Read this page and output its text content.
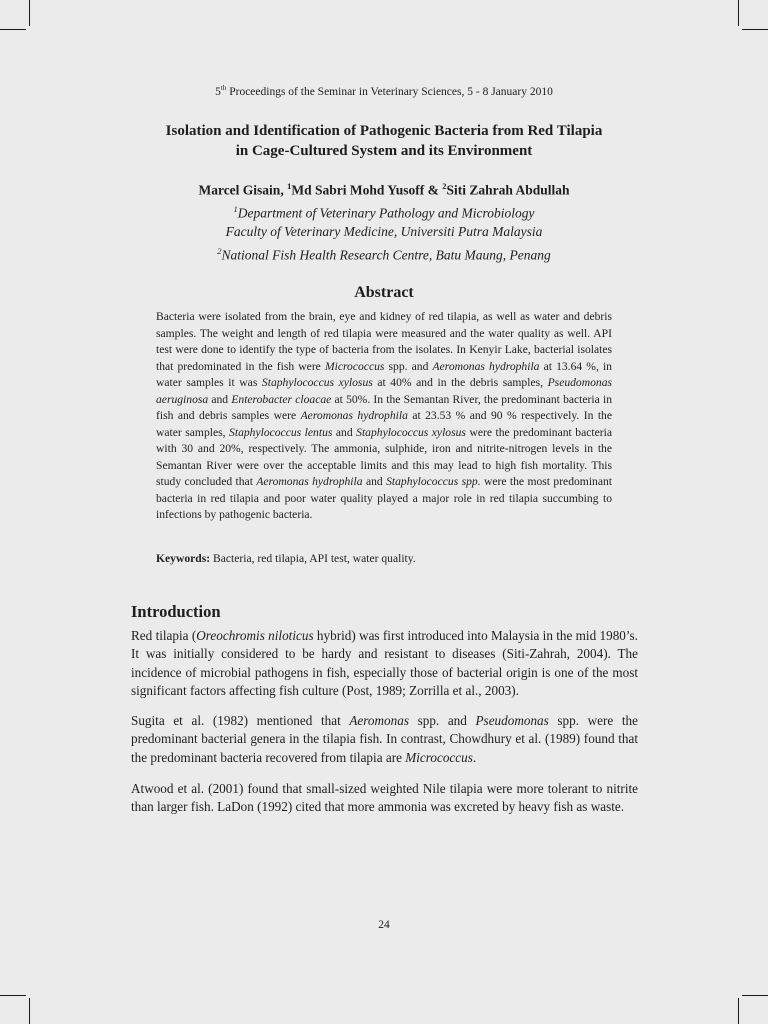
5th Proceedings of the Seminar in Veterinary Sciences, 5 - 8 January 2010
Isolation and Identification of Pathogenic Bacteria from Red Tilapia
in Cage-Cultured System and its Environment
Marcel Gisain, $^1$Md Sabri Mohd Yusoff & $^2$Siti Zahrah Abdullah
$^1$Department of Veterinary Pathology and Microbiology
Faculty of Veterinary Medicine, Universiti Putra Malaysia
$^2$National Fish Health Research Centre, Batu Maung, Penang
Abstract
Bacteria were isolated from the brain, eye and kidney of red tilapia, as well as water and debris samples. The weight and length of red tilapia were measured and the water quality as well. API test were done to identify the type of bacteria from the isolates. In Kenyir Lake, bacterial isolates that predominated in the fish were Micrococcus spp. and Aeromonas hydrophila at 13.64 %, in water samples it was Staphylococcus xylosus at 40% and in the debris samples, Pseudomonas aeruginosa and Enterobacter cloacae at 50%. In the Semantan River, the predominant bacteria in fish and debris samples were Aeromonas hydrophila at 23.53 % and 90 % respectively. In the water samples, Staphylococcus lentus and Staphylococcus xylosus were the predominant bacteria with 30 and 20%, respectively. The ammonia, sulphide, iron and nitrite-nitrogen levels in the Semantan River were over the acceptable limits and this may lead to high fish mortality. This study concluded that Aeromonas hydrophila and Staphylococcus spp. were the most predominant bacteria in red tilapia and poor water quality played a major role in red tilapia succumbing to infections by pathogenic bacteria.
Keywords: Bacteria, red tilapia, API test, water quality.
Introduction
Red tilapia (Oreochromis niloticus hybrid) was first introduced into Malaysia in the mid 1980’s. It was initially considered to be hardy and resistant to diseases (Siti-Zahrah, 2004). The incidence of microbial pathogens in fish, especially those of bacterial origin is one of the most significant factors affecting fish culture (Post, 1989; Zorrilla et al., 2003).
Sugita et al. (1982) mentioned that Aeromonas spp. and Pseudomonas spp. were the predominant bacterial genera in the tilapia fish. In contrast, Chowdhury et al. (1989) found that the predominant bacteria recovered from tilapia are Micrococcus.
Atwood et al. (2001) found that small-sized weighted Nile tilapia were more tolerant to nitrite than larger fish. LaDon (1992) cited that more ammonia was excreted by heavy fish as waste.
24
